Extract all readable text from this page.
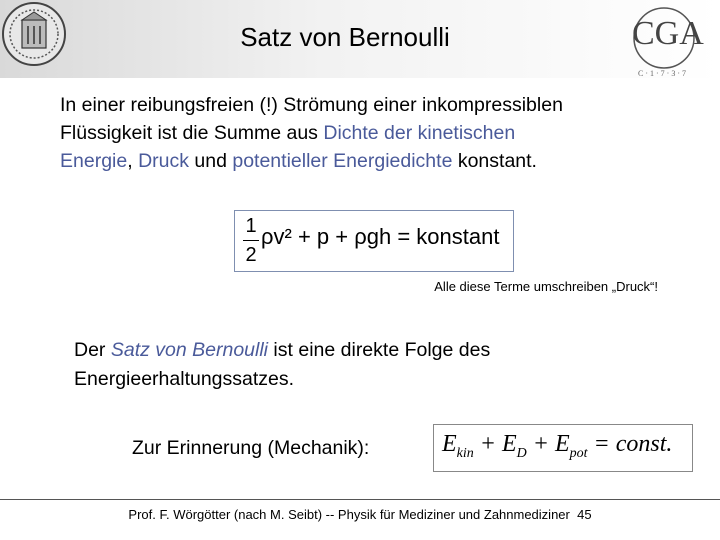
Satz von Bernoulli	CGA
C · 1 · 7 · 3 · 7

In einer reibungsfreien (!) Strömung einer inkompressiblen Flüssigkeit ist die Summe aus Dichte der kinetischen Energie, Druck und potentieller Energiedichte konstant.

1
2
ρv² + p + ρgh = konstant
Alle diese Terme umschreiben „Druck“!

Der Satz von Bernoulli ist eine direkte Folge des Energieerhaltungssatzes.

Zur Erinnerung (Mechanik):	$E_{kin} + E_D + E_{pot}$ = const.
Prof. F. Wörgötter (nach M. Seibt) -- Physik für Mediziner und Zahnmediziner 45
